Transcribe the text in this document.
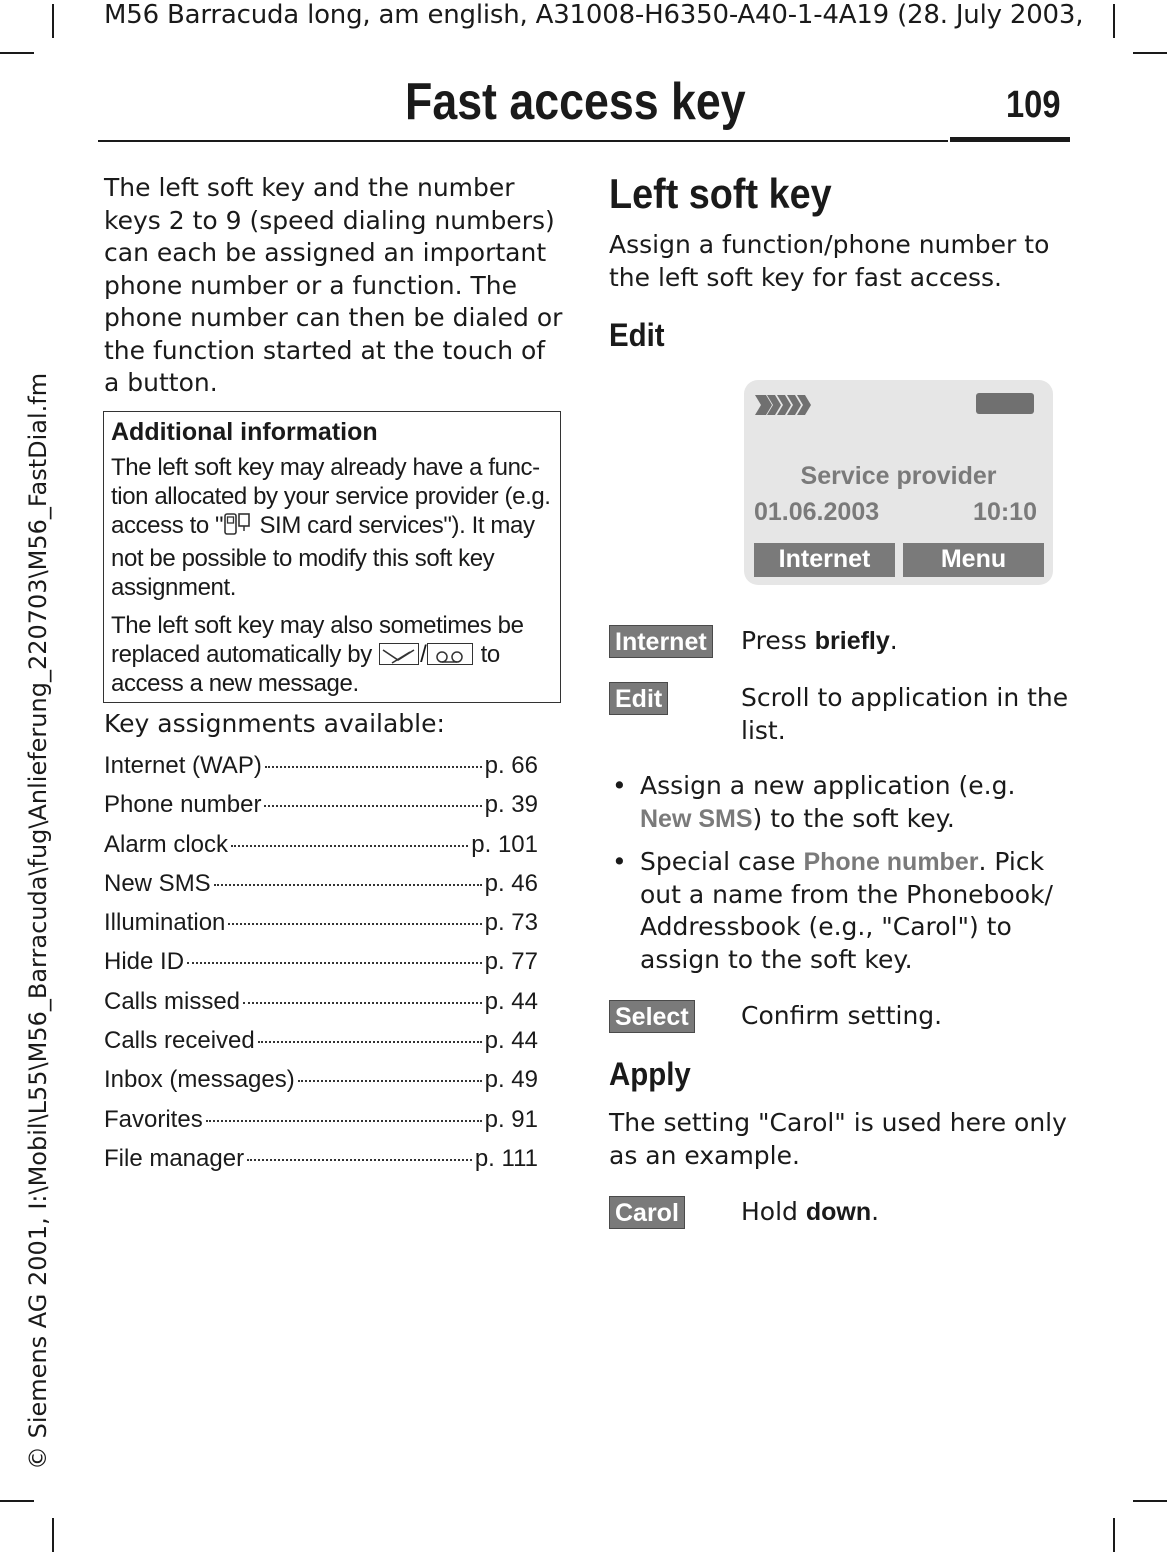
M56 Barracuda long, am english, A31008-H6350-A40-1-4A19 (28. July 2003,
© Siemens AG 2001, I:\Mobil\L55\M56_Barracuda\fug\Anlieferung_220703\M56_FastDial.fm
Fast access key	109
The left soft key and the number keys 2 to 9 (speed dialing numbers) can each be assigned an important phone number or a function. The phone number can then be dialed or the function started at the touch of a button.
Additional information

The left soft key may already have a func-tion allocated by your service provider (e.g. access to " SIM card services"). It may not be possible to modify this soft key assignment.

The left soft key may also sometimes be replaced automatically by / to access a new message.

Key assignments available:
Internet (WAP)	p. 66
Phone number	p. 39
Alarm clock	p. 101
New SMS	p. 46
Illumination	p. 73
Hide ID	p. 77
Calls missed	p. 44
Calls received	p. 44
Inbox (messages)	p. 49
Favorites	p. 91
File manager	p. 111
Left soft key
Assign a function/phone number to the left soft key for fast access.
Edit
Service provider
01.06.2003	10:10
Internet	Menu
Internet Press briefly.
Edit	Scroll to application in the list.
• Assign a new application (e.g. New SMS) to the soft key.
• Special case Phone number. Pick out a name from the Phonebook/ Addressbook (e.g., "Carol") to assign to the soft key.
Select Confirm setting.
Apply
The setting "Carol" is used here only as an example.
Carol Hold down.
